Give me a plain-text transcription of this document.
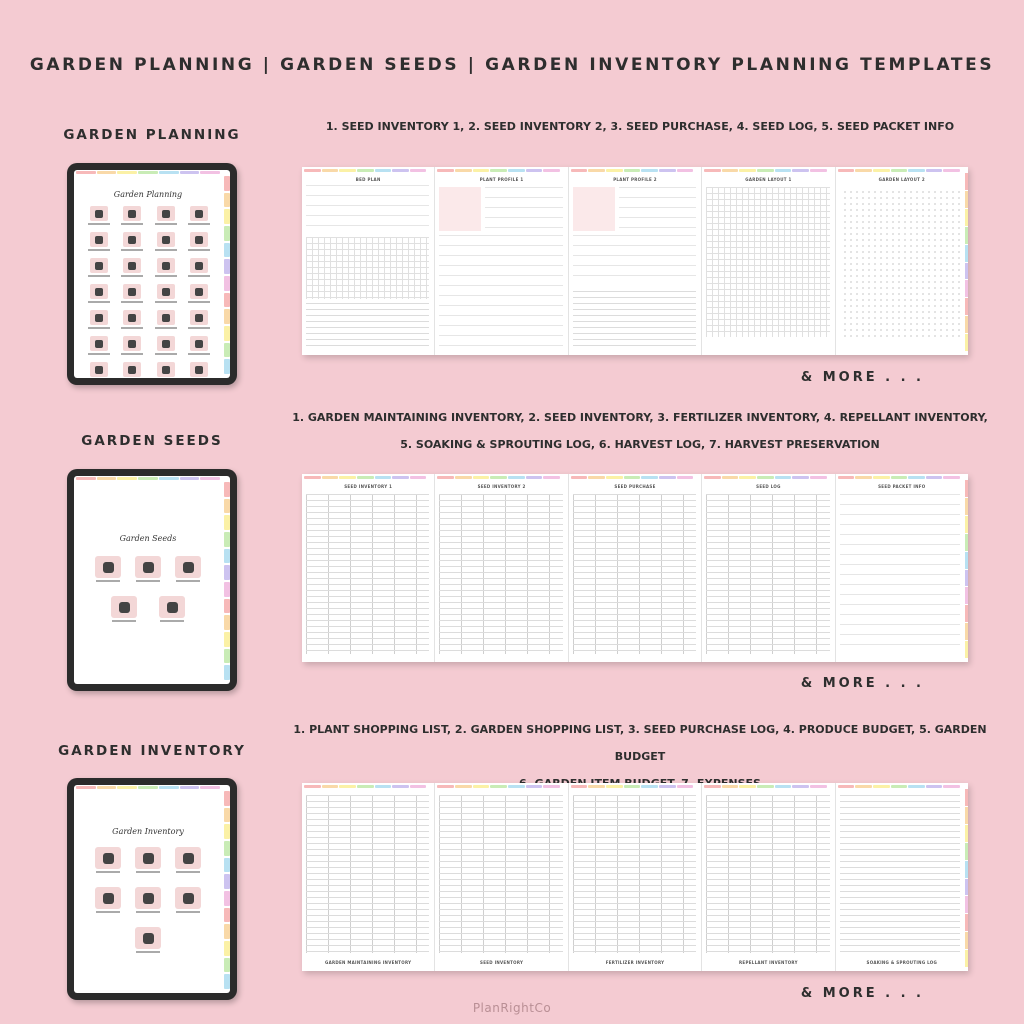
GARDEN PLANNING | GARDEN SEEDS | GARDEN INVENTORY PLANNING TEMPLATES
GARDEN PLANNING
1. SEED INVENTORY 1, 2. SEED INVENTORY 2, 3. SEED PURCHASE, 4. SEED LOG, 5. SEED PACKET INFO
Garden Planning
BED PLAN	PLANT PROFILE 1	PLANT PROFILE 2	GARDEN LAYOUT 1	GARDEN LAYOUT 2
& MORE . . .
GARDEN SEEDS
1. GARDEN MAINTAINING INVENTORY, 2. SEED INVENTORY, 3. FERTILIZER INVENTORY, 4. REPELLANT INVENTORY,
5. SOAKING & SPROUTING LOG, 6. HARVEST LOG, 7. HARVEST PRESERVATION
Garden Seeds
SEED INVENTORY 1	SEED INVENTORY 2	SEED PURCHASE	SEED LOG	SEED PACKET INFO
& MORE . . .
GARDEN INVENTORY
1. PLANT SHOPPING LIST, 2. GARDEN SHOPPING LIST, 3. SEED PURCHASE LOG, 4. PRODUCE BUDGET, 5. GARDEN BUDGET
Garden Inventory
GARDEN MAINTAINING INVENTORY	SEED INVENTORY	FERTILIZER INVENTORY	REPELLANT INVENTORY	SOAKING & SPROUTING LOG
& MORE . . .
PlanRightCo
